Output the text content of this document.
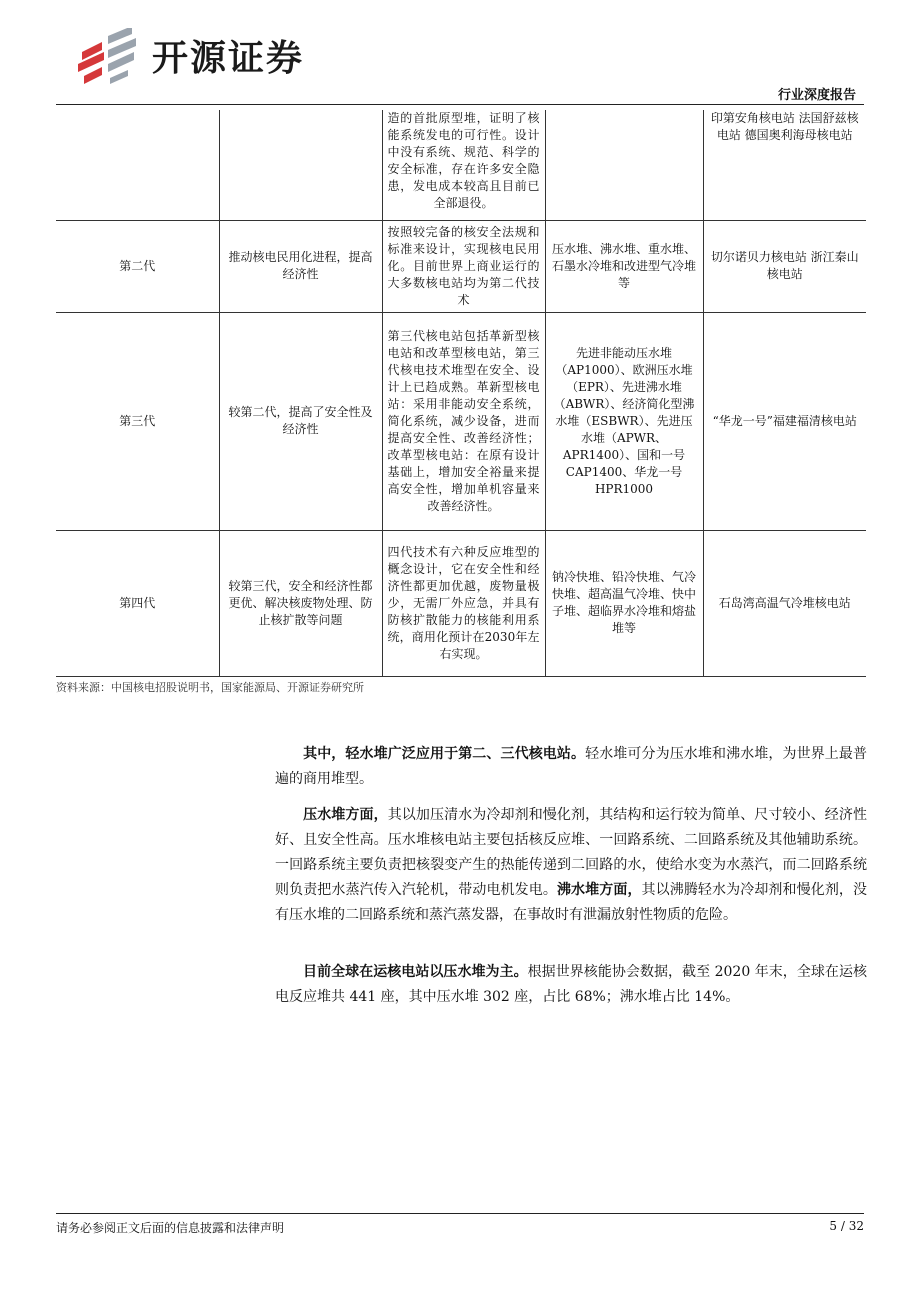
开源证券
行业深度报告
		造的首批原型堆，证明了核能系统发电的可行性。设计中没有系统、规范、科学的安全标准，存在许多安全隐患，发电成本较高且目前已全部退役。		印第安角核电站 法国舒兹核电站 德国奥利海母核电站
第二代	推动核电民用化进程，提高经济性	按照较完备的核安全法规和标准来设计，实现核电民用化。目前世界上商业运行的大多数核电站均为第二代技术	压水堆、沸水堆、重水堆、石墨水冷堆和改进型气冷堆等	切尔诺贝力核电站 浙江秦山核电站
第三代	较第二代，提高了安全性及经济性	第三代核电站包括革新型核电站和改革型核电站，第三代核电技术堆型在安全、设计上已趋成熟。革新型核电站：采用非能动安全系统，简化系统，减少设备，进而提高安全性、改善经济性；改革型核电站：在原有设计基础上，增加安全裕量来提高安全性，增加单机容量来改善经济性。	先进非能动压水堆（AP1000）、欧洲压水堆（EPR）、先进沸水堆（ABWR）、经济简化型沸水堆（ESBWR）、先进压水堆（APWR、APR1400）、国和一号CAP1400、华龙一号HPR1000	“华龙一号”福建福清核电站
第四代	较第三代，安全和经济性都更优、解决核废物处理、防止核扩散等问题	四代技术有六种反应堆型的概念设计，它在安全性和经济性都更加优越，废物量极少，无需厂外应急，并具有防核扩散能力的核能利用系统，商用化预计在2030年左右实现。	钠冷快堆、铅冷快堆、气冷快堆、超高温气冷堆、快中子堆、超临界水冷堆和熔盐堆等	石岛湾高温气冷堆核电站
资料来源：中国核电招股说明书，国家能源局、开源证券研究所
其中，轻水堆广泛应用于第二、三代核电站。轻水堆可分为压水堆和沸水堆，为世界上最普遍的商用堆型。
压水堆方面，其以加压清水为冷却剂和慢化剂，其结构和运行较为简单、尺寸较小、经济性好、且安全性高。压水堆核电站主要包括核反应堆、一回路系统、二回路系统及其他辅助系统。一回路系统主要负责把核裂变产生的热能传递到二回路的水，使给水变为水蒸汽，而二回路系统则负责把水蒸汽传入汽轮机，带动电机发电。沸水堆方面，其以沸腾轻水为冷却剂和慢化剂，没有压水堆的二回路系统和蒸汽蒸发器，在事故时有泄漏放射性物质的危险。
目前全球在运核电站以压水堆为主。根据世界核能协会数据，截至 2020 年末，全球在运核电反应堆共 441 座，其中压水堆 302 座，占比 68%；沸水堆占比 14%。
请务必参阅正文后面的信息披露和法律声明	5 / 32
